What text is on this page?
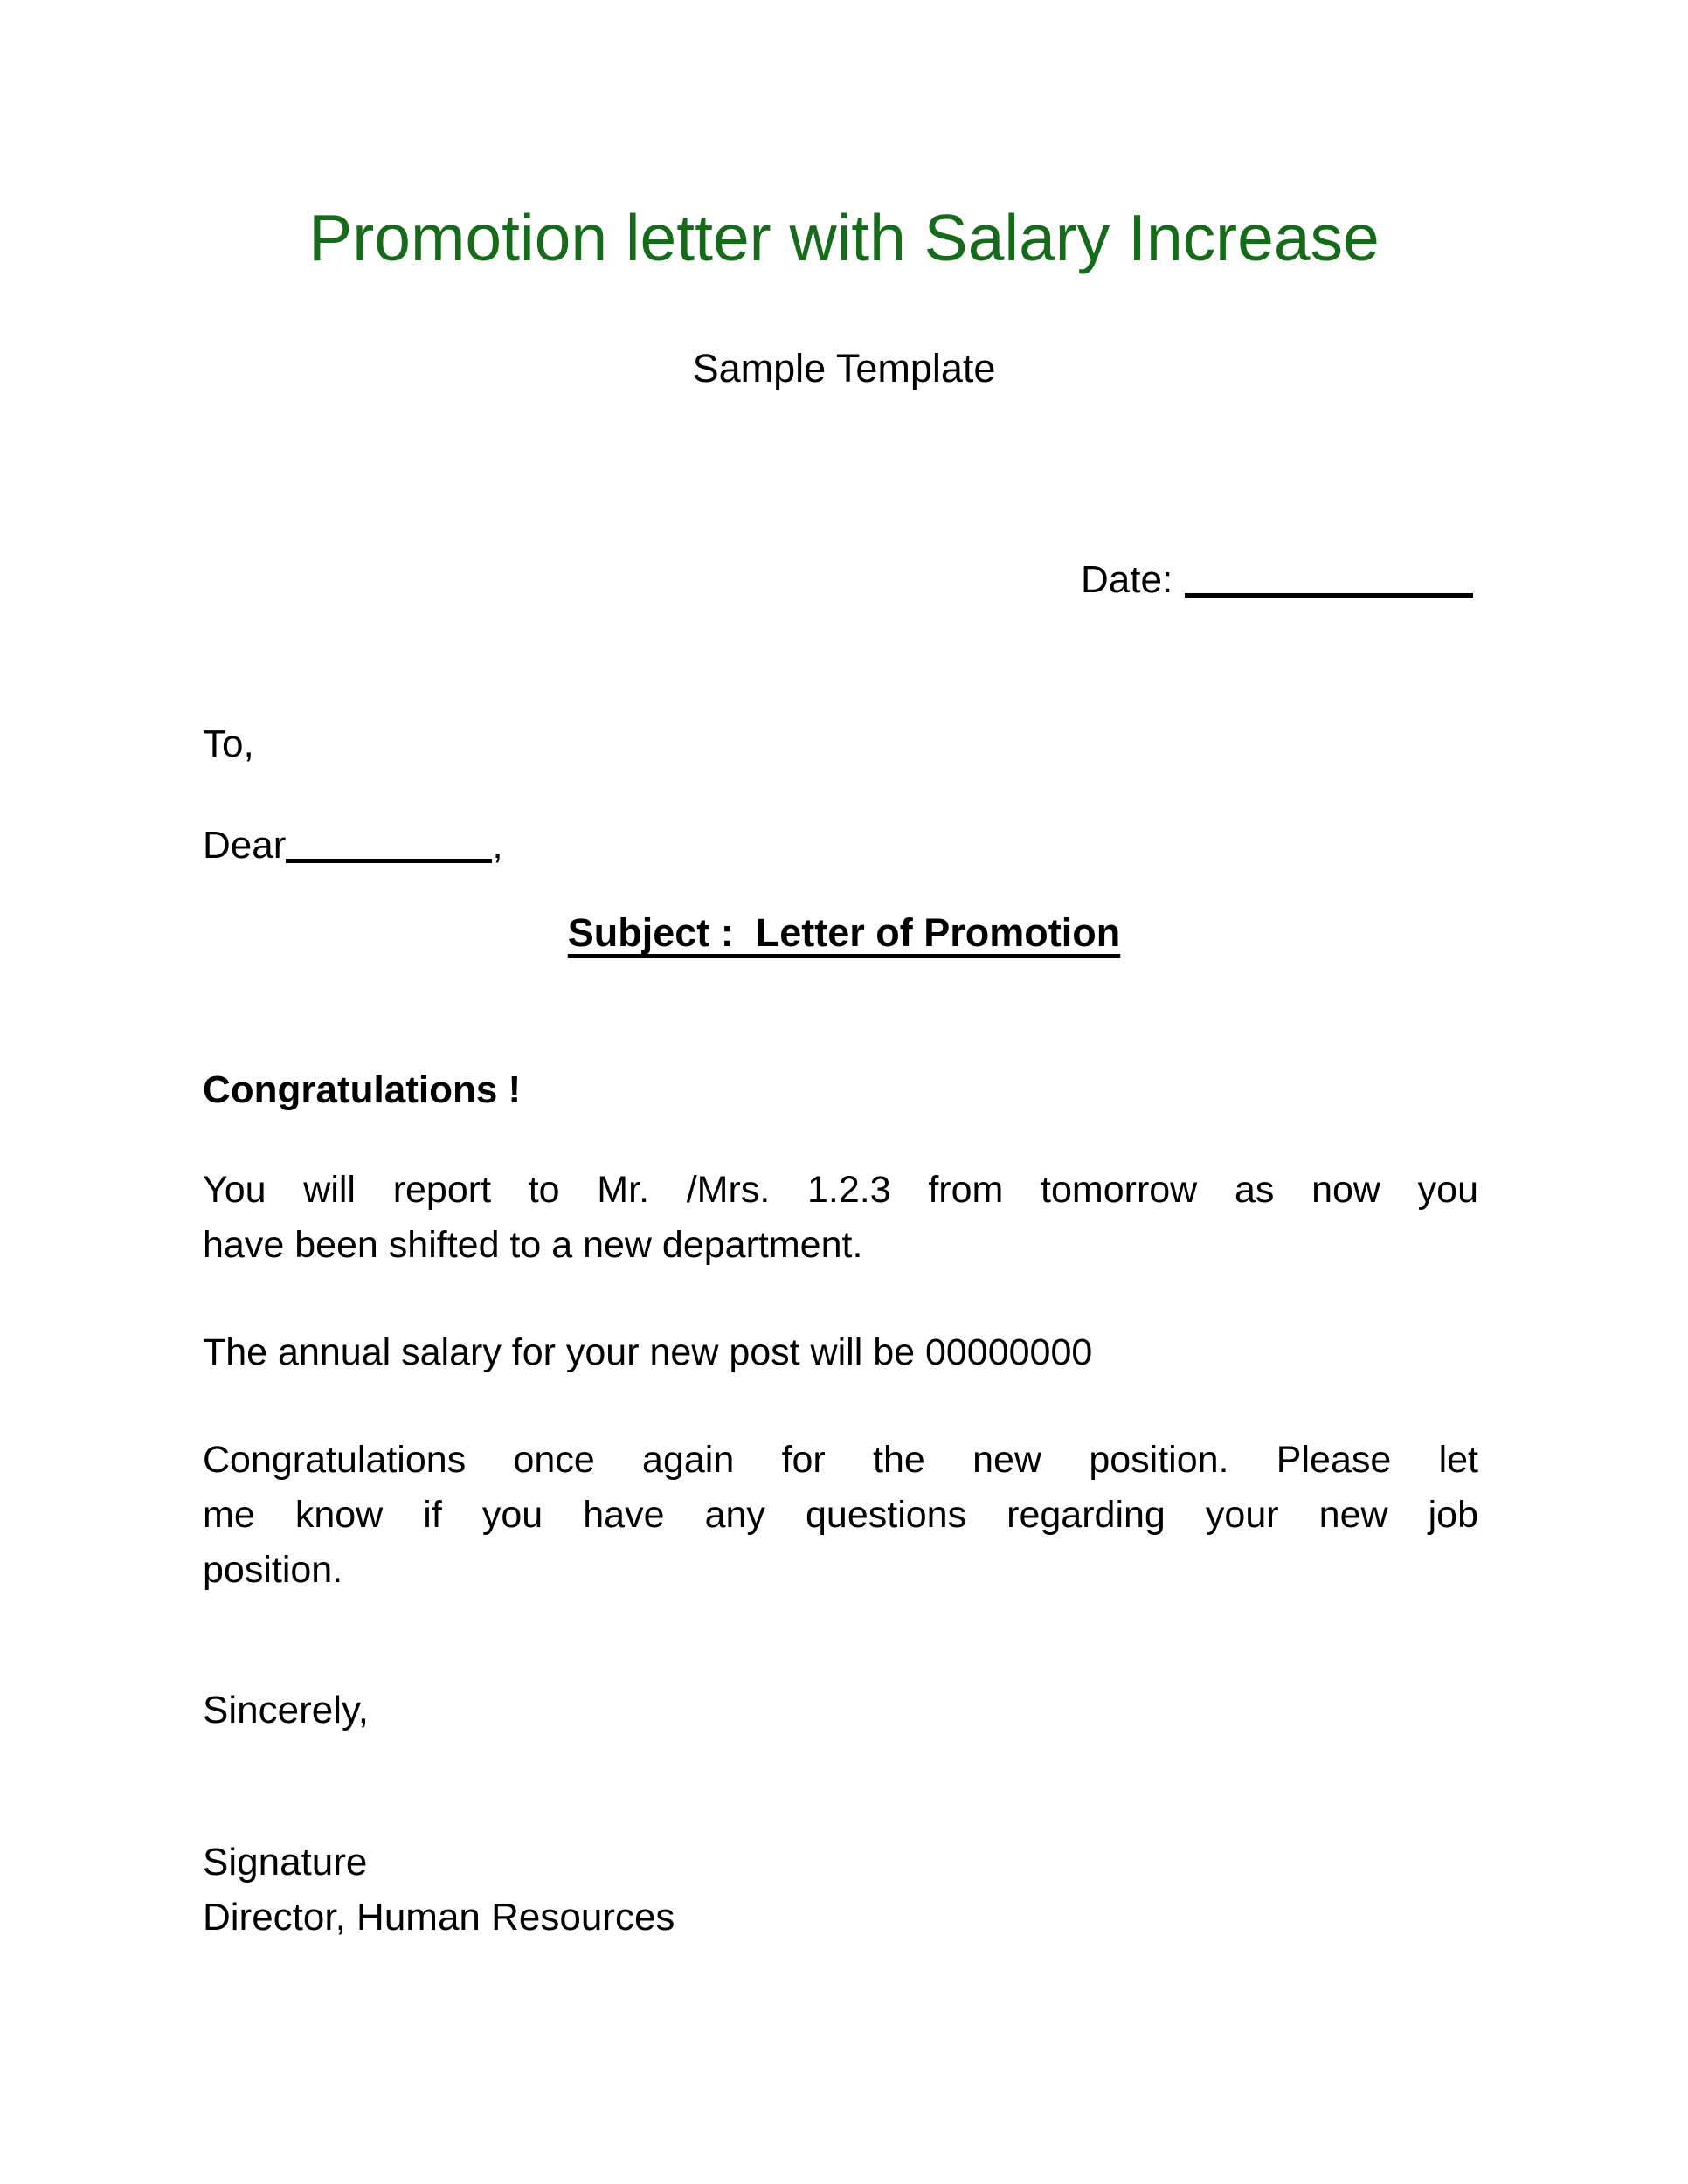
Promotion letter with Salary Increase
Sample Template
Date:
To,
Dear	,
Subject :  Letter of Promotion
Congratulations !
You will report to Mr. /Mrs. 1.2.3 from tomorrow as now you
have been shifted to a new department.
The annual salary for your new post will be 00000000
Congratulations once again for the new position. Please let
me know if you have any questions regarding your new job
position.
Sincerely,
Signature
Director, Human Resources
